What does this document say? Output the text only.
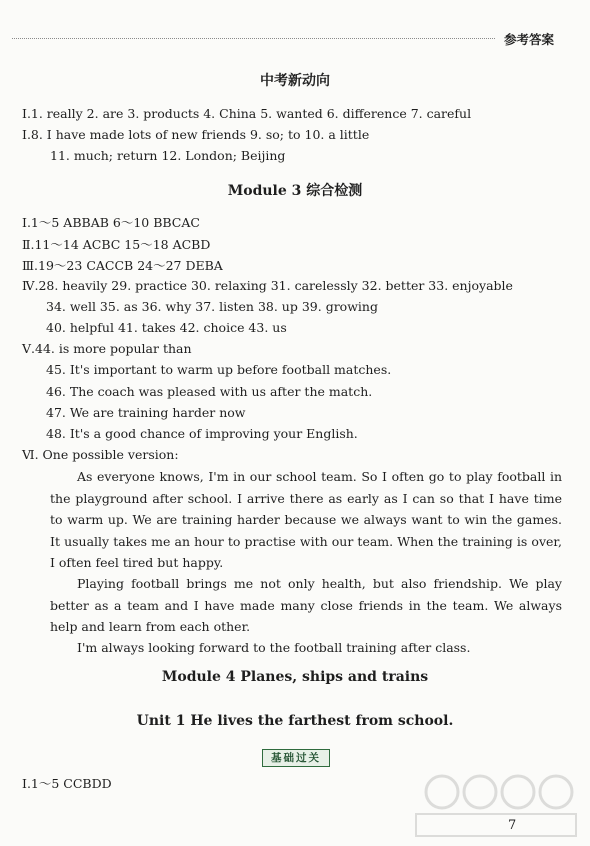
参考答案
中考新动向
Ⅰ.1. really 2. are 3. products 4. China 5. wanted 6. difference 7. careful
Ⅰ.8. I have made lots of new friends 9. so; to 10. a little
11. much; return 12. London; Beijing
Module 3 综合检测
Ⅰ.1～5 ABBAB 6～10 BBCAC
Ⅱ.11～14 ACBC 15～18 ACBD
Ⅲ.19～23 CACCB 24～27 DEBA
Ⅳ.28. heavily 29. practice 30. relaxing 31. carelessly 32. better 33. enjoyable
34. well 35. as 36. why 37. listen 38. up 39. growing
40. helpful 41. takes 42. choice 43. us
Ⅴ.44. is more popular than
45. It's important to warm up before football matches.
46. The coach was pleased with us after the match.
47. We are training harder now
48. It's a good chance of improving your English.
Ⅵ. One possible version:
As everyone knows, I'm in our school team. So I often go to play football in the playground after school. I arrive there as early as I can so that I have time to warm up. We are training harder because we always want to win the games. It usually takes me an hour to practise with our team. When the training is over, I often feel tired but happy.
Playing football brings me not only health, but also friendship. We play better as a team and I have made many close friends in the team. We always help and learn from each other.
I'm always looking forward to the football training after class.
Module 4 Planes, ships and trains
Unit 1 He lives the farthest from school.
基础过关
Ⅰ.1～5 CCBDD
7
